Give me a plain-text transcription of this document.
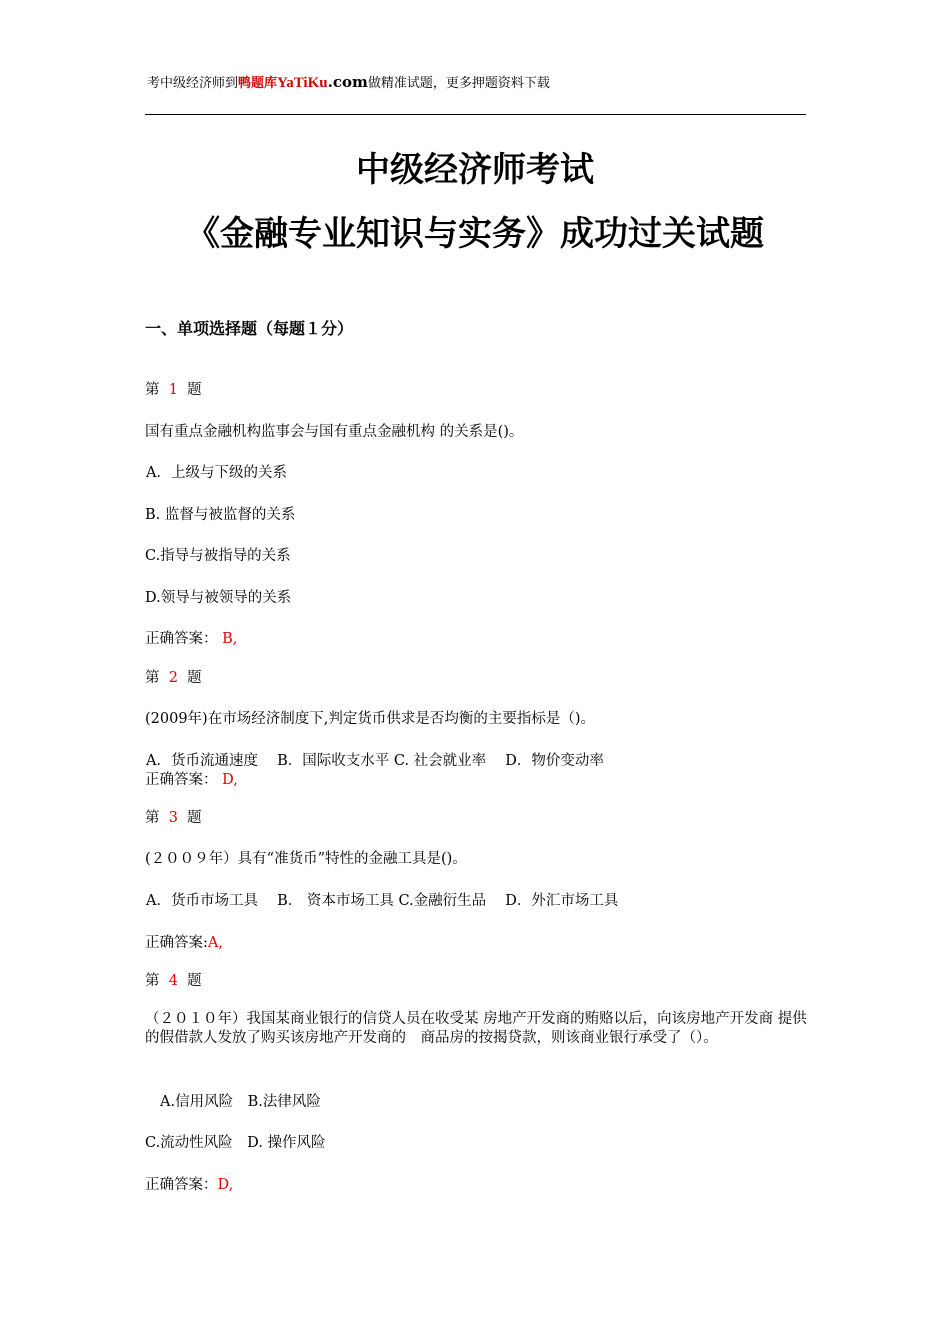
考中级经济师到鸭题库YaTiKu.com做精准试题，更多押题资料下载
中级经济师考试
《金融专业知识与实务》成功过关试题
一、单项选择题（每题１分）
第 1 题
国有重点金融机构监事会与国有重点金融机构 的关系是()。
A．上级与下级的关系
B. 监督与被监督的关系
C.指导与被指导的关系
D.领导与被领导的关系
正确答案： B,
第 2 题
(2009年)在市场经济制度下,判定货币供求是否均衡的主要指标是（)。
A．货币流通速度　 B．国际收支水平 C. 社会就业率　 D．物价变动率
正确答案： D,
第 3 题
(２００９年）具有“准货币”特性的金融工具是()。
A．货币市场工具　 B． 资本市场工具 C.金融衍生品　 D．外汇市场工具
正确答案:A,
第 4 题
（２０１０年）我国某商业银行的信贷人员在收受某 房地产开发商的贿赂以后，向该房地产开发商 提供的假借款人发放了购买该房地产开发商的　商品房的按揭贷款，则该商业银行承受了（）。
A.信用风险　B.法律风险
C.流动性风险　D. 操作风险
正确答案：D,
